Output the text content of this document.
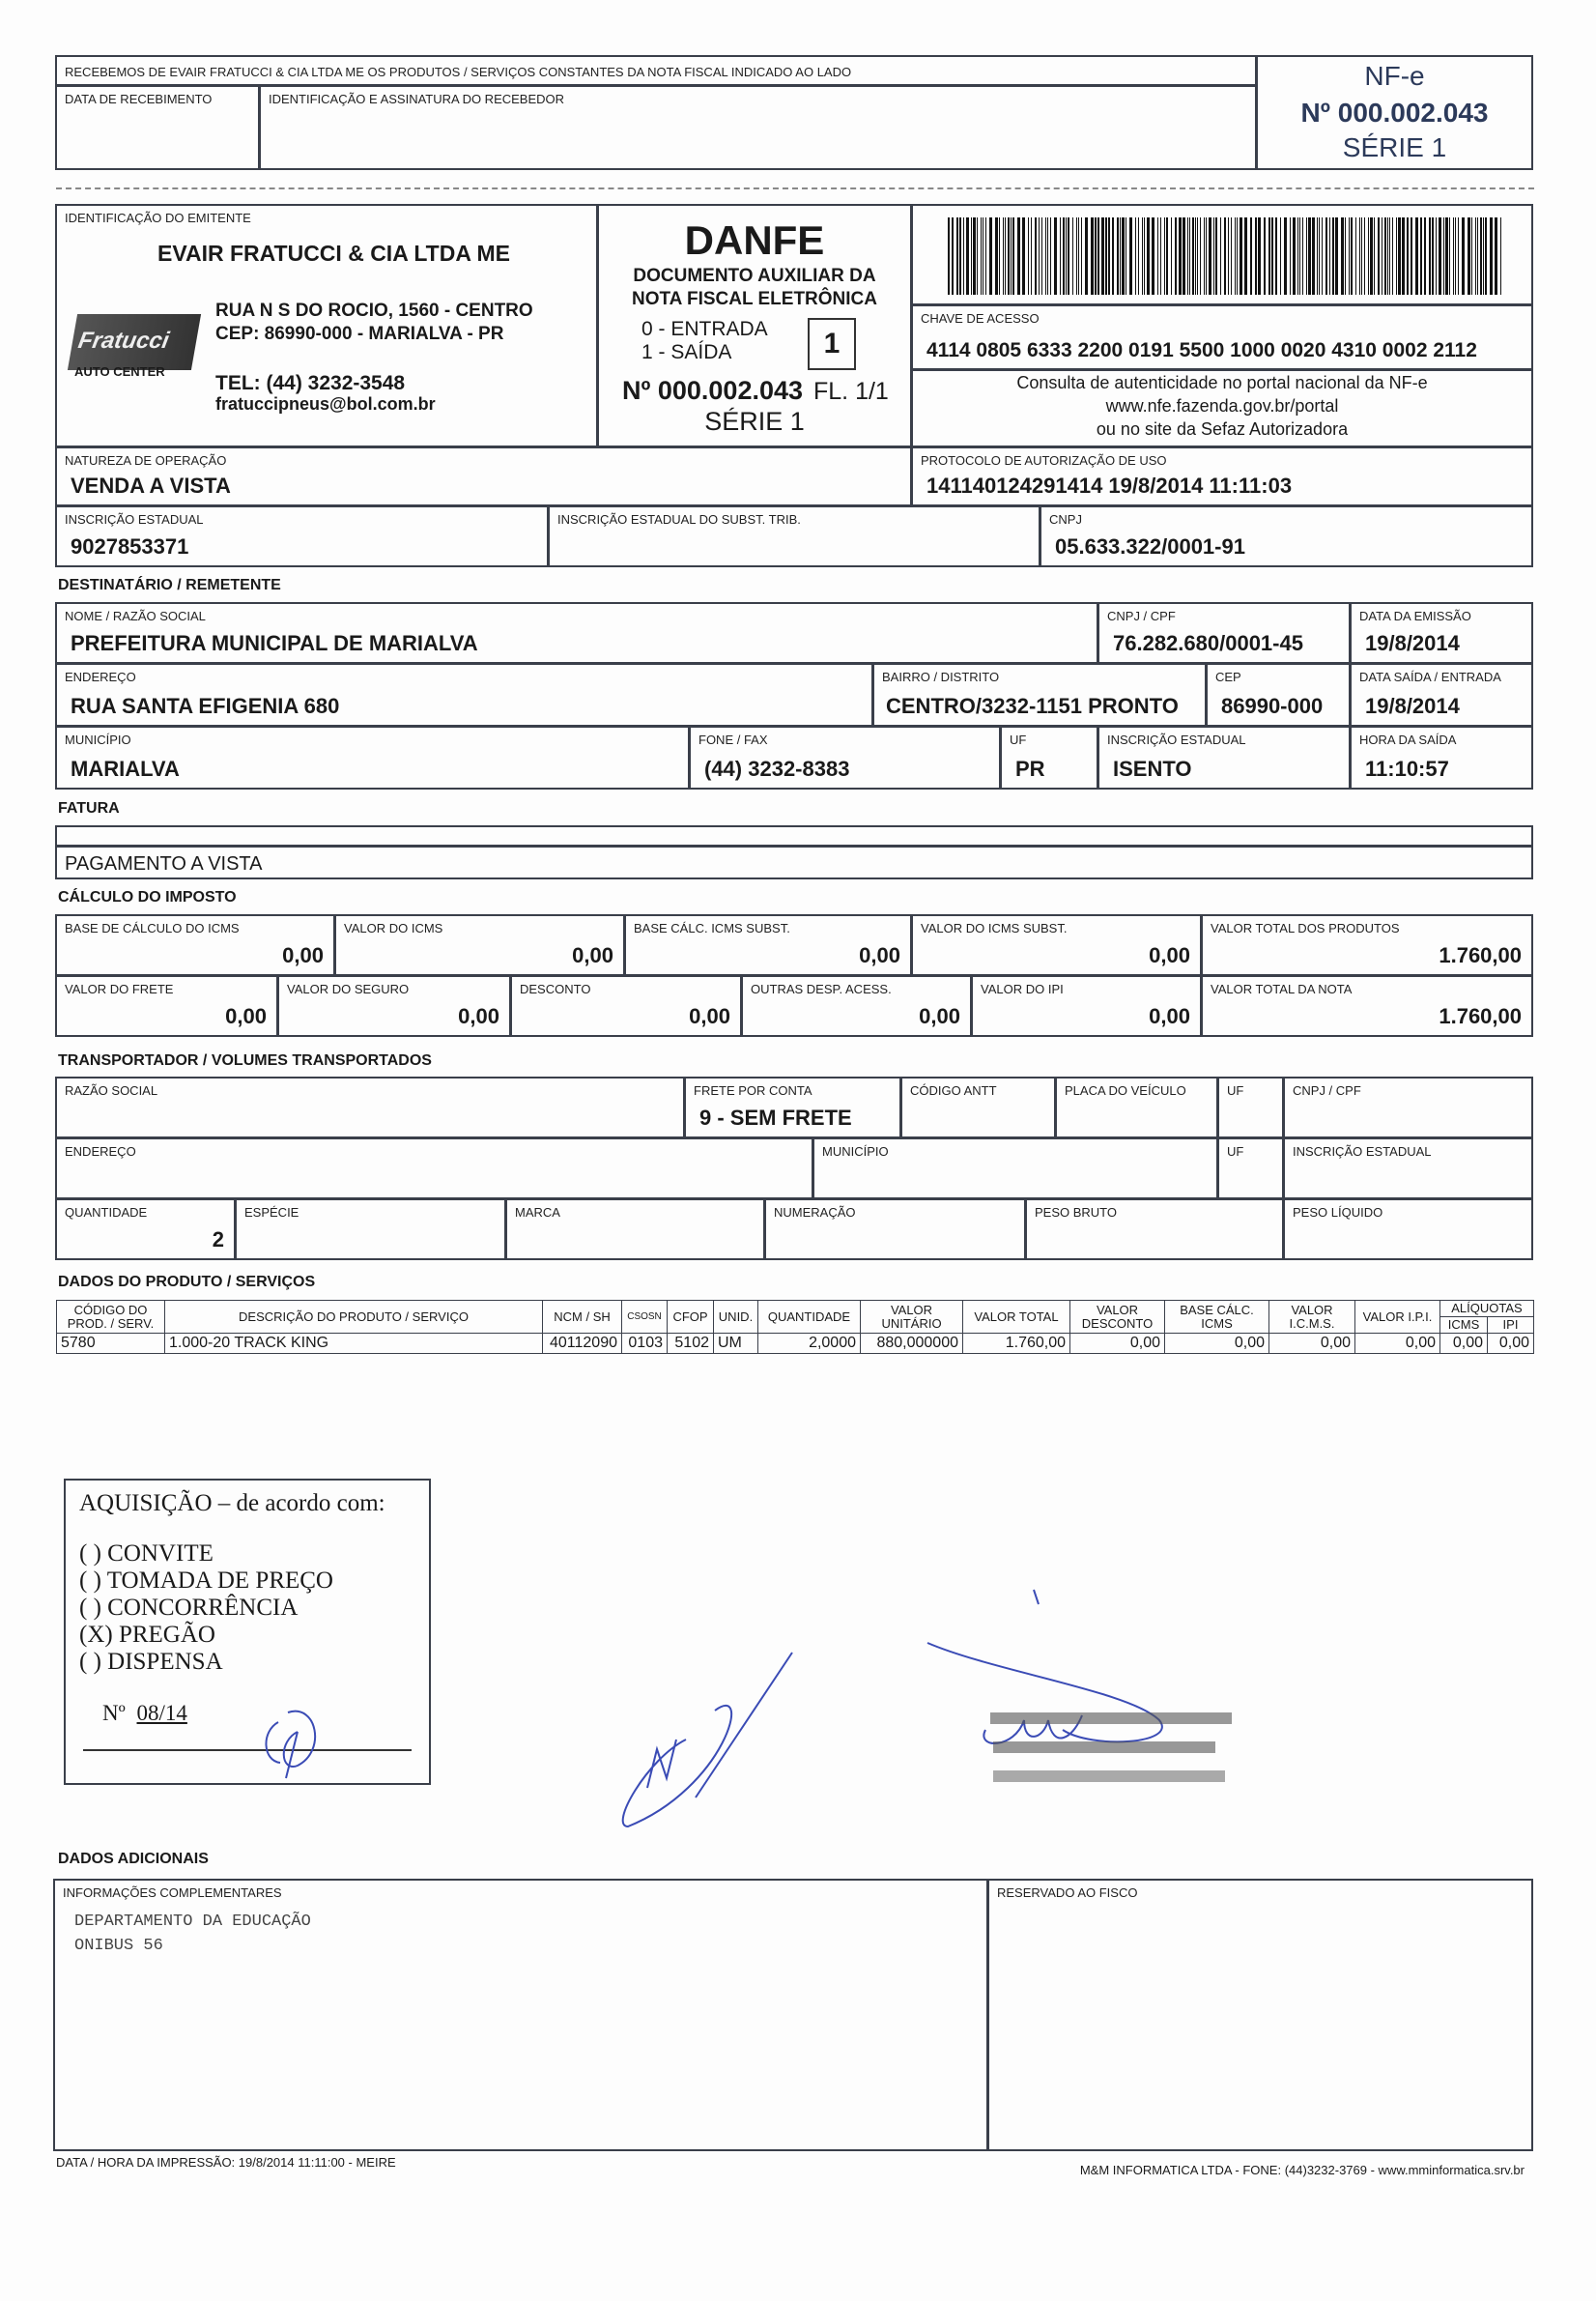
RECEBEMOS DE EVAIR FRATUCCI & CIA LTDA ME OS PRODUTOS / SERVIÇOS CONSTANTES DA NOTA FISCAL INDICADO AO LADO
DATA DE RECEBIMENTO	IDENTIFICAÇÃO E ASSINATURA DO RECEBEDOR
NF-e
Nº 000.002.043
SÉRIE 1
IDENTIFICAÇÃO DO EMITENTE
EVAIR FRATUCCI & CIA LTDA ME
Fratucci
AUTO CENTER
RUA N S DO ROCIO, 1560 - CENTRO
CEP: 86990-000 - MARIALVA - PR
TEL: (44) 3232-3548
fratuccipneus@bol.com.br
DANFE
DOCUMENTO AUXILIAR DA
NOTA FISCAL ELETRÔNICA
0 - ENTRADA
1 - SAÍDA	1
Nº 000.002.043 FL. 1/1
SÉRIE 1
CHAVE DE ACESSO
4114 0805 6333 2200 0191 5500 1000 0020 4310 0002 2112
Consulta de autenticidade no portal nacional da NF-e
www.nfe.fazenda.gov.br/portal
ou no site da Sefaz Autorizadora
NATUREZA DE OPERAÇÃO
VENDA A VISTA
PROTOCOLO DE AUTORIZAÇÃO DE USO
141140124291414 19/8/2014 11:11:03
INSCRIÇÃO ESTADUAL
9027853371
INSCRIÇÃO ESTADUAL DO SUBST. TRIB.	CNPJ
05.633.322/0001-91
DESTINATÁRIO / REMETENTE
NOME / RAZÃO SOCIAL
PREFEITURA MUNICIPAL DE MARIALVA
CNPJ / CPF
76.282.680/0001-45
DATA DA EMISSÃO
19/8/2014
ENDEREÇO
RUA SANTA EFIGENIA 680
BAIRRO / DISTRITO
CENTRO/3232-1151 PRONTO
CEP
86990-000
DATA SAÍDA / ENTRADA
19/8/2014
MUNICÍPIO
MARIALVA
FONE / FAX
(44) 3232-8383
UF
PR
INSCRIÇÃO ESTADUAL
ISENTO
HORA DA SAÍDA
11:10:57
FATURA
PAGAMENTO A VISTA
CÁLCULO DO IMPOSTO
BASE DE CÁLCULO DO ICMS
0,00
VALOR DO ICMS
0,00
BASE CÁLC. ICMS SUBST.
0,00
VALOR DO ICMS SUBST.
0,00
VALOR TOTAL DOS PRODUTOS
1.760,00
VALOR DO FRETE
0,00
VALOR DO SEGURO
0,00
DESCONTO
0,00
OUTRAS DESP. ACESS.
0,00
VALOR DO IPI
0,00
VALOR TOTAL DA NOTA
1.760,00
TRANSPORTADOR / VOLUMES TRANSPORTADOS
RAZÃO SOCIAL	FRETE POR CONTA
9 - SEM FRETE
CÓDIGO ANTT	PLACA DO VEÍCULO	UF	CNPJ / CPF
ENDEREÇO	MUNICÍPIO	UF	INSCRIÇÃO ESTADUAL
QUANTIDADE
2
ESPÉCIE	MARCA	NUMERAÇÃO	PESO BRUTO	PESO LÍQUIDO
DADOS DO PRODUTO / SERVIÇOS
CÓDIGO DO PROD. / SERV.	DESCRIÇÃO DO PRODUTO / SERVIÇO	NCM / SH	CSOSN	CFOP	UNID.	QUANTIDADE	VALOR UNITÁRIO	VALOR TOTAL	VALOR DESCONTO	BASE CÁLC. ICMS	VALOR I.C.M.S.	VALOR I.P.I.	ALÍQUOTAS	
													ICMS	IPI
5780	1.000-20 TRACK KING	40112090	0103	5102	UM	2,0000	880,000000	1.760,00	0,00	0,00	0,00	0,00	0,00	0,00
AQUISIÇÃO – de acordo com:
( ) CONVITE
( ) TOMADA DE PREÇO
( ) CONCORRÊNCIA
(X) PREGÃO
( ) DISPENSA
Nº 08/14
DADOS ADICIONAIS
INFORMAÇÕES COMPLEMENTARES
DEPARTAMENTO DA EDUCAÇÃO
ONIBUS 56
RESERVADO AO FISCO
DATA / HORA DA IMPRESSÃO: 19/8/2014 11:11:00 - MEIRE
M&M INFORMATICA LTDA - FONE: (44)3232-3769 - www.mminformatica.srv.br
